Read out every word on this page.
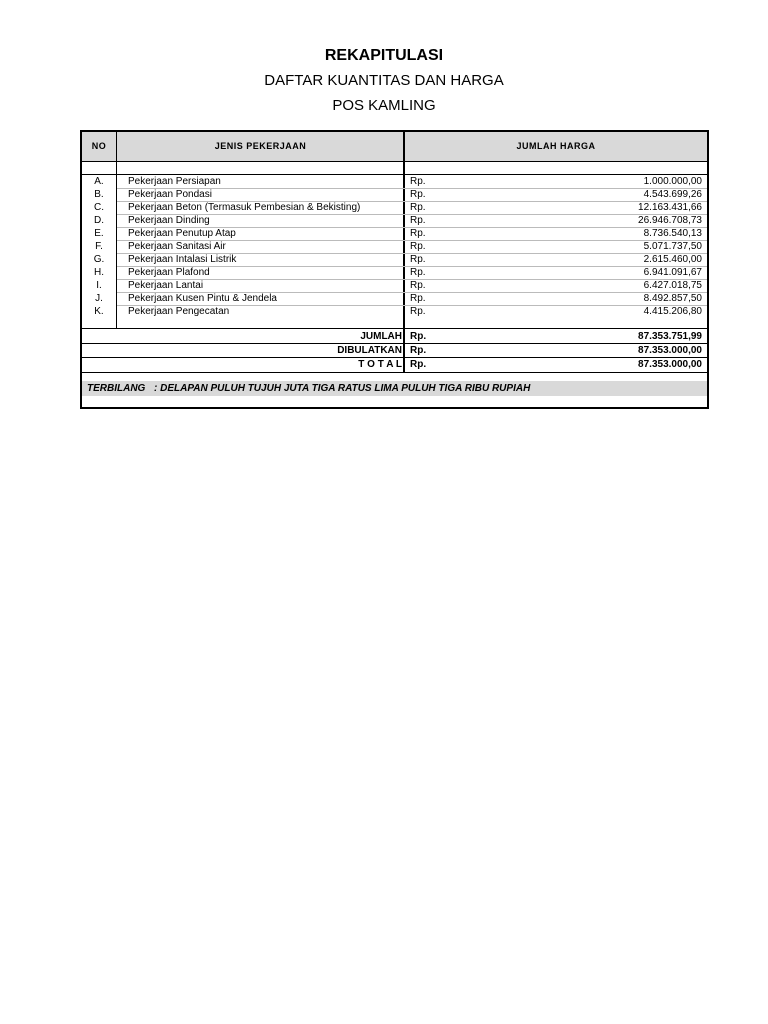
REKAPITULASI
DAFTAR KUANTITAS DAN HARGA
POS KAMLING
NO	JENIS PEKERJAAN	JUMLAH HARGA
A.	Pekerjaan Persiapan	Rp.	1.000.000,00
B.	Pekerjaan Pondasi	Rp.	4.543.699,26
C.	Pekerjaan Beton (Termasuk Pembesian & Bekisting)	Rp.	12.163.431,66
D.	Pekerjaan Dinding	Rp.	26.946.708,73
E.	Pekerjaan Penutup Atap	Rp.	8.736.540,13
F.	Pekerjaan Sanitasi Air	Rp.	5.071.737,50
G.	Pekerjaan Intalasi Listrik	Rp.	2.615.460,00
H.	Pekerjaan Plafond	Rp.	6.941.091,67
I.	Pekerjaan Lantai	Rp.	6.427.018,75
J.	Pekerjaan Kusen Pintu & Jendela	Rp.	8.492.857,50
K.	Pekerjaan Pengecatan	Rp.	4.415.206,80
JUMLAH Rp.	87.353.751,99
DIBULATKAN Rp.	87.353.000,00
T O T A L Rp.	87.353.000,00
TERBILANG : DELAPAN PULUH TUJUH JUTA TIGA RATUS LIMA PULUH TIGA RIBU RUPIAH
